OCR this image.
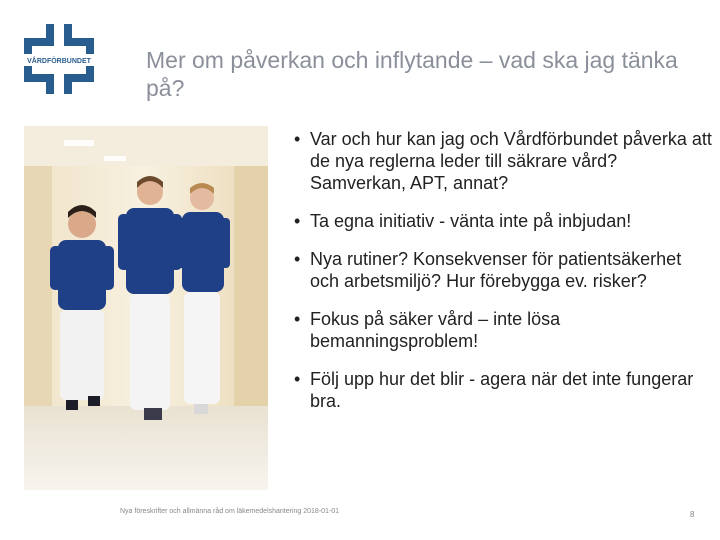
VÅRDFÖRBUNDET Mer om påverkan och inflytande – vad ska jag tänka på?
• Var och hur kan jag och Vårdförbundet påverka att de nya reglerna leder till säkrare vård? Samverkan, APT, annat?
• Ta egna initiativ - vänta inte på inbjudan!
• Nya rutiner? Konsekvenser för patientsäkerhet och arbetsmiljö? Hur förebygga ev. risker?
• Fokus på säker vård – inte lösa bemanningsproblem!
• Följ upp hur det blir - agera när det inte fungerar bra.
Nya föreskrifter och allmänna råd om läkemedelshantering 2018-01-01	8
